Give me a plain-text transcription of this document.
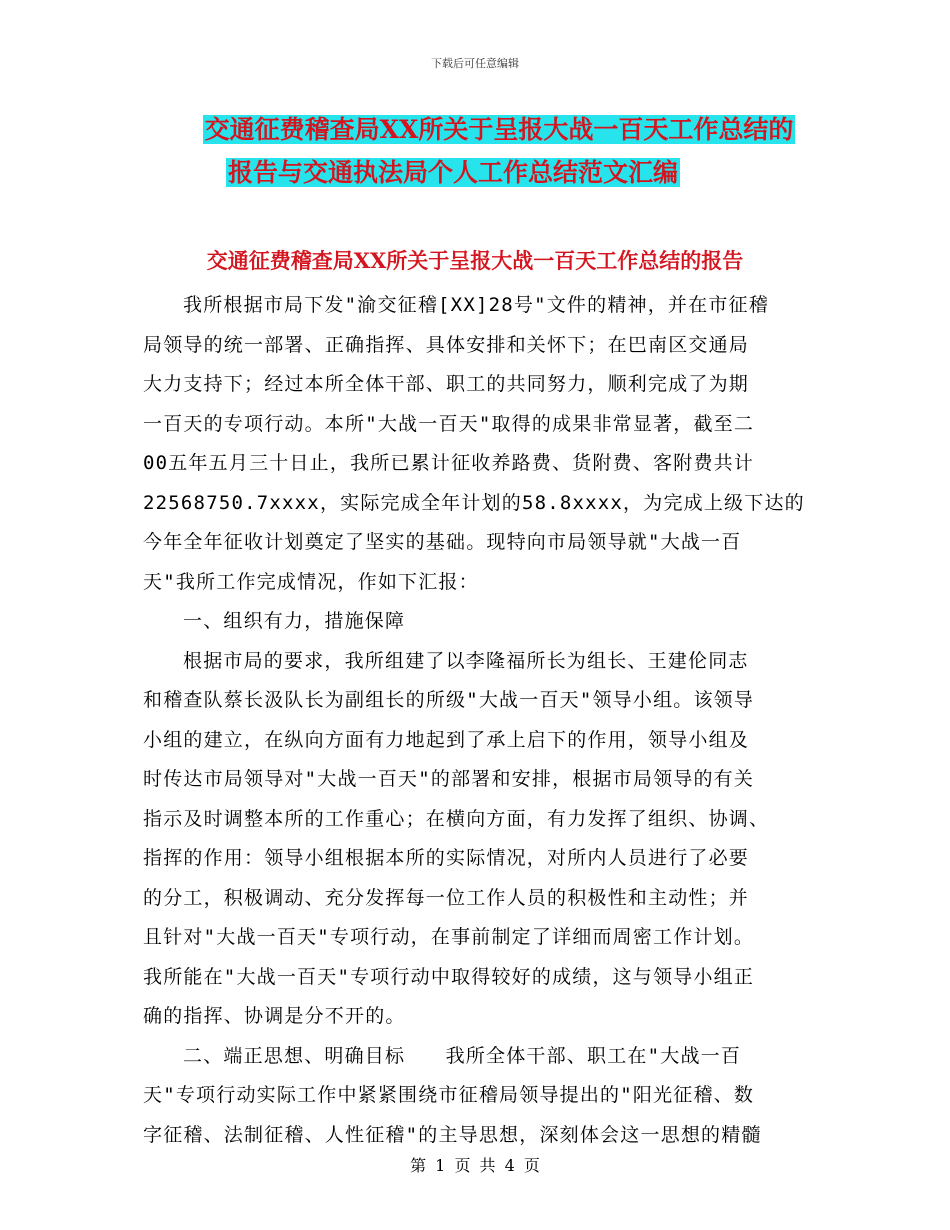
下载后可任意编辑
交通征费稽查局XX所关于呈报大战一百天工作总结的
报告与交通执法局个人工作总结范文汇编
交通征费稽查局XX所关于呈报大战一百天工作总结的报告
我所根据市局下发"渝交征稽[XX]28号"文件的精神，并在市征稽
局领导的统一部署、正确指挥、具体安排和关怀下；在巴南区交通局
大力支持下；经过本所全体干部、职工的共同努力，顺利完成了为期
一百天的专项行动。本所"大战一百天"取得的成果非常显著，截至二
00五年五月三十日止，我所已累计征收养路费、货附费、客附费共计
22568750.7xxxx，实际完成全年计划的58.8xxxx，为完成上级下达的
今年全年征收计划奠定了坚实的基础。现特向市局领导就"大战一百
天"我所工作完成情况，作如下汇报：
一、组织有力，措施保障
根据市局的要求，我所组建了以李隆福所长为组长、王建伦同志
和稽查队蔡长汲队长为副组长的所级"大战一百天"领导小组。该领导
小组的建立，在纵向方面有力地起到了承上启下的作用，领导小组及
时传达市局领导对"大战一百天"的部署和安排，根据市局领导的有关
指示及时调整本所的工作重心；在横向方面，有力发挥了组织、协调、
指挥的作用：领导小组根据本所的实际情况，对所内人员进行了必要
的分工，积极调动、充分发挥每一位工作人员的积极性和主动性；并
且针对"大战一百天"专项行动，在事前制定了详细而周密工作计划。
我所能在"大战一百天"专项行动中取得较好的成绩，这与领导小组正
确的指挥、协调是分不开的。
二、端正思想、明确目标　　我所全体干部、职工在"大战一百
天"专项行动实际工作中紧紧围绕市征稽局领导提出的"阳光征稽、数
字征稽、法制征稽、人性征稽"的主导思想，深刻体会这一思想的精髓
第 1 页 共 4 页
